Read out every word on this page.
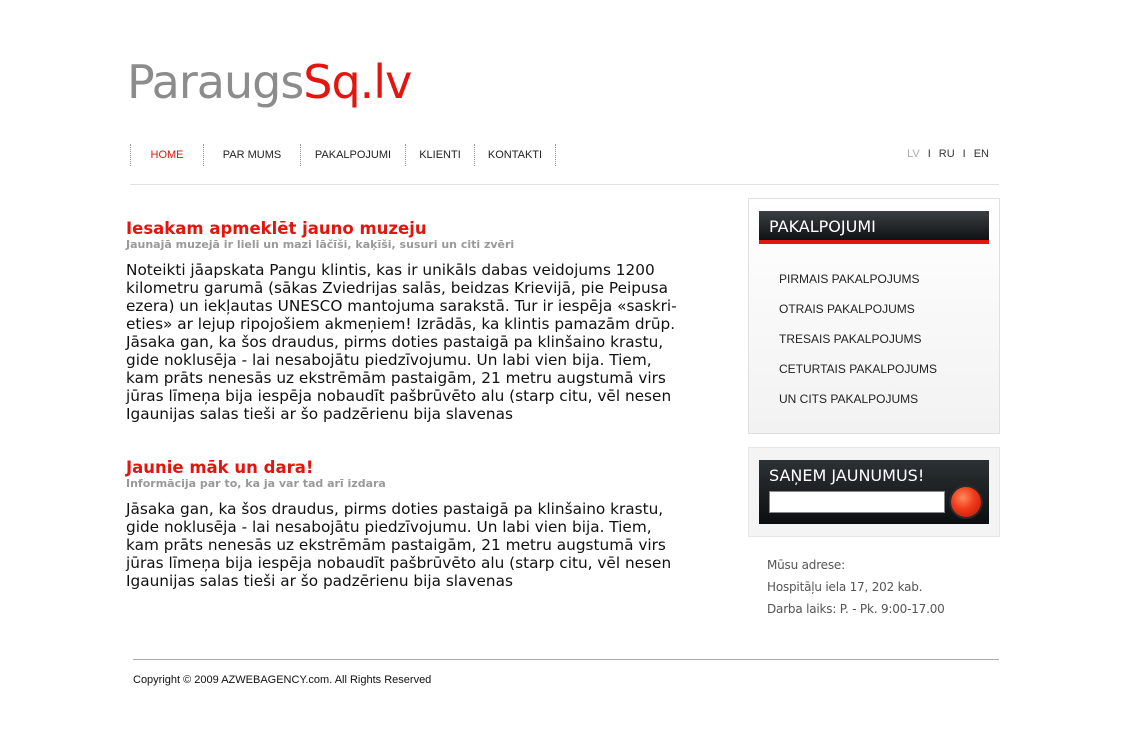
ParaugsSq.lv
HOME	PAR MUMS	PAKALPOJUMI	KLIENTI	KONTAKTI	LV I RU I EN
Iesakam apmeklēt jauno muzeju
Jaunajā muzejā ir lieli un mazi lāčīši, kaķīši, susuri un citi zvēri

Noteikti jāapskata Pangu klintis, kas ir unikāls dabas veidojums 1200
kilometru garumā (sākas Zviedrijas salās, beidzas Krievijā, pie Peipusa
ezera) un iekļautas UNESCO mantojuma sarakstā. Tur ir iespēja «saskri-
eties» ar lejup ripojošiem akmeņiem! Izrādās, ka klintis pamazām drūp.
Jāsaka gan, ka šos draudus, pirms doties pastaigā pa klinšaino krastu,
gide noklusēja - lai nesabojātu piedzīvojumu. Un labi vien bija. Tiem,
kam prāts nenesās uz ekstrēmām pastaigām, 21 metru augstumā virs
jūras līmeņa bija iespēja nobaudīt pašbrūvēto alu (starp citu, vēl nesen
Igaunijas salas tieši ar šo padzērienu bija slavenas

Jaunie māk un dara!
Informācija par to, ka ja var tad arī izdara

Jāsaka gan, ka šos draudus, pirms doties pastaigā pa klinšaino krastu,
gide noklusēja - lai nesabojātu piedzīvojumu. Un labi vien bija. Tiem,
kam prāts nenesās uz ekstrēmām pastaigām, 21 metru augstumā virs
jūras līmeņa bija iespēja nobaudīt pašbrūvēto alu (starp citu, vēl nesen
Igaunijas salas tieši ar šo padzērienu bija slavenas

PAKALPOJUMI
PIRMAIS PAKALPOJUMS
OTRAIS PAKALPOJUMS
TRESAIS PAKALPOJUMS
CETURTAIS PAKALPOJUMS
UN CITS PAKALPOJUMS
SAŅEM JAUNUMUS!
Mūsu adrese:
Hospitāļu iela 17, 202 kab.
Darba laiks: P. - Pk. 9:00-17.00
Copyright © 2009 AZWEBAGENCY.com. All Rights Reserved
